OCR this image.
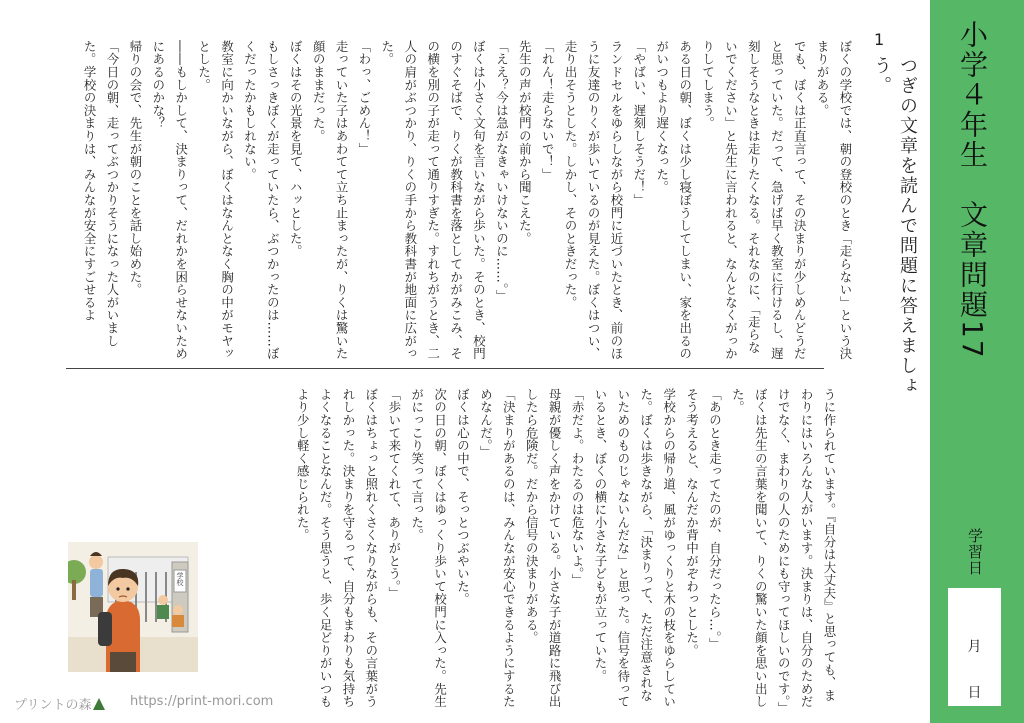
小学４年生　文章問題17
学習日
月
日
1
つぎの文章を読んで問題に答えましょう。

ぼくの学校では、朝の登校のとき「走らない」という決まりがある。

でも、ぼくは正直言って、その決まりが少しめんどうだと思っていた。だって、急げば早く教室に行けるし、遅刻しそうなときは走りたくなる。それなのに、「走らないでください」と先生に言われると、なんとなくがっかりしてしまう。

ある日の朝、ぼくは少し寝ぼうしてしまい、家を出るのがいつもより遅くなった。

「やばい、遅刻しそうだ！」

ランドセルをゆらしながら校門に近づいたとき、前のほうに友達のりくが歩いているのが見えた。ぼくはつい、走り出そうとした。しかし、そのときだった。

「れん！走らないで！」

先生の声が校門の前から聞こえた。

「ええ？今は急がなきゃいけないのに……。」

ぼくは小さく文句を言いながら歩いた。そのとき、校門のすぐそばで、りくが教科書を落としてかがみこみ、その横を別の子が走って通りすぎた。すれちがうとき、二人の肩がぶつかり、りくの手から教科書が地面に広がった。

「わっ、ごめん！」

走っていた子はあわてて立ち止まったが、りくは驚いた顔のままだった。

ぼくはその光景を見て、ハッとした。

もしさっきぼくが走っていたら、ぶつかったのは……ぼくだったかもしれない。

教室に向かいながら、ぼくはなんとなく胸の中がモヤッとした。

――もしかして、決まりって、だれかを困らせないためにあるのかな？

帰りの会で、先生が朝のことを話し始めた。

「今日の朝、走ってぶつかりそうになった人がいました。学校の決まりは、みんなが安全にすごせるよ

うに作られています。『自分は大丈夫』と思っても、まわりにはいろんな人がいます。決まりは、自分のためだけでなく、まわりの人のためにも守ってほしいのです。」

ぼくは先生の言葉を聞いて、りくの驚いた顔を思い出した。

「あのとき走ってたのが、自分だったら…。」

そう考えると、なんだか背中がぞわっとした。

学校からの帰り道、風がゆっくりと木の枝をゆらしていた。ぼくは歩きながら、「決まりって、ただ注意されないためのものじゃないんだな」と思った。信号を待っているとき、ぼくの横に小さな子どもが立っていた。

「赤だよ。わたるのは危ないよ。」

母親が優しく声をかけている。小さな子が道路に飛び出したら危険だ。だから信号の決まりがある。

「決まりがあるのは、みんなが安心できるようにするためなんだ。」

ぼくは心の中で、そっとつぶやいた。

次の日の朝、ぼくはゆっくり歩いて校門に入った。先生がにっこり笑って言った。

「歩いて来てくれて、ありがとう。」

ぼくはちょっと照れくさくなりながらも、その言葉がうれしかった。決まりを守るって、自分もまわりも気持ちよくなることなんだ。そう思うと、歩く足どりがいつもより少し軽く感じられた。

学校
プリントの森	https://print-mori.com
